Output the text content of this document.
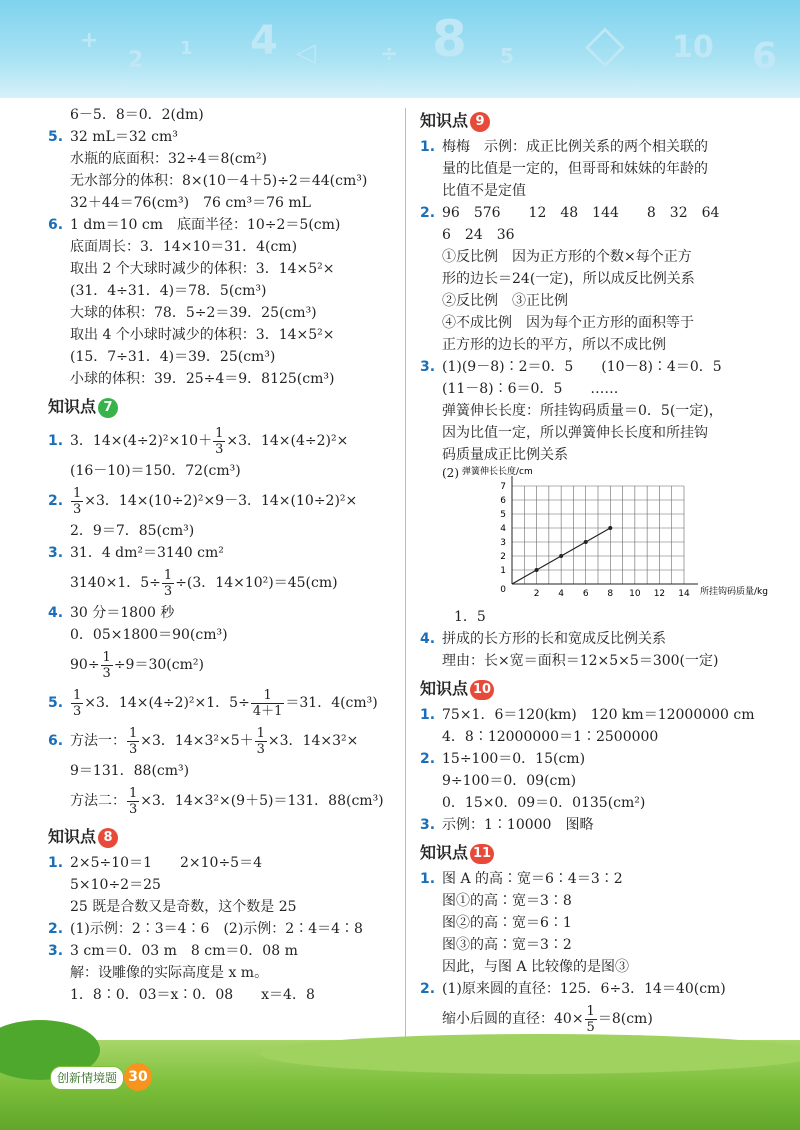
+
2 1 4 ◁	÷ 8 5 ◇ 10 6
6－5．8＝0．2(dm)
5. 32 mL＝32 cm³
水瓶的底面积：32÷4＝8(cm²)
无水部分的体积：8×(10－4＋5)÷2＝44(cm³)
32＋44＝76(cm³)　76 cm³＝76 mL
6. 1 dm＝10 cm　底面半径：10÷2＝5(cm)
底面周长：3．14×10＝31．4(cm)
取出 2 个大球时减少的体积：3．14×5²×
(31．4÷31．4)＝78．5(cm³)
大球的体积：78．5÷2＝39．25(cm³)
取出 4 个小球时减少的体积：3．14×5²×
(15．7÷31．4)＝39．25(cm³)
小球的体积：39．25÷4＝9．8125(cm³)
知识点 7
1. 3．$14\times(4\div 2)^2\times 10+ \frac{1}{3} \times 3$．14×(4÷2)²×
(16－10)＝150．72(cm³)
2. $\frac{1}{3} \times 3$．14×(10÷2)²×9－3．14×(10÷2)²×
2．9＝7．85(cm³)
3. 31．4 dm²＝3140 cm²
3140×1．$5\div \frac{1}{3} \div(3$．14×10²)＝45(cm)
4. 30 分＝1800 秒
0．05×1800＝90(cm³)
$90\div \frac{1}{3} \div 9=30(cm^2)$
5. $\frac{1}{3} \times 3$．14×(4÷2)²×1．$5\div \frac{1}{4+1} =31$．4(cm³)
6. 方法一： $\frac{1}{3} \times 3$．$14\times 3^2\times 5+ \frac{1}{3} \times 3$．14×3²×
9＝131．88(cm³)
方法二： $\frac{1}{3} \times 3$．14×3²×(9＋5)＝131．88(cm³)
知识点 8
1. 2×5÷10＝1　　2×10÷5＝4
5×10÷2＝25
25 既是合数又是奇数，这个数是 25
2. (1)示例：2∶3＝4∶6　(2)示例：2∶4＝4∶8
3. 3 cm＝0．03 m　8 cm＝0．08 m
解：设雕像的实际高度是 x m。
1．8∶0．03＝x∶0．08　　x＝4．8
知识点 9
1. 梅梅　示例：成正比例关系的两个相关联的
量的比值是一定的，但哥哥和妹妹的年龄的
比值不是定值
2. 96　576　　12　48　144　　8　32　64
6　24　36
①反比例　因为正方形的个数×每个正方
形的边长＝24(一定)，所以成反比例关系
②反比例　③正比例
④不成比例　因为每个正方形的面积等于
正方形的边长的平方，所以不成比例
3. (1)(9－8)∶2＝0．5　　(10－8)∶4＝0．5
(11－8)∶6＝0．5　　……
弹簧伸长长度：所挂钩码质量＝0．5(一定)，
因为比值一定，所以弹簧伸长长度和所挂钩
码质量成正比例关系
(2)
2 4 6 8 10 12 14
1
2
3
4
5
6
7
0
弹簧伸长长度/cm
所挂钩码质量/kg
1．5
4. 拼成的长方形的长和宽成反比例关系
理由：长×宽＝面积＝12×5×5＝300(一定)
知识点 10
1. 75×1．6＝120(km)　120 km＝12000000 cm
4．8∶12000000＝1∶2500000
2. 15÷100＝0．15(cm)
9÷100＝0．09(cm)
0．15×0．09＝0．0135(cm²)
3. 示例：1∶10000　图略
知识点 11
1. 图 A 的高∶宽＝6∶4＝3∶2
图①的高∶宽＝3∶8
图②的高∶宽＝6∶1
图③的高∶宽＝3∶2
因此，与图 A 比较像的是图③
2. (1)原来圆的直径：125．6÷3．14＝40(cm)
缩小后圆的直径：$40\times \frac{1}{5} =8(cm)$
创新情境题 30
